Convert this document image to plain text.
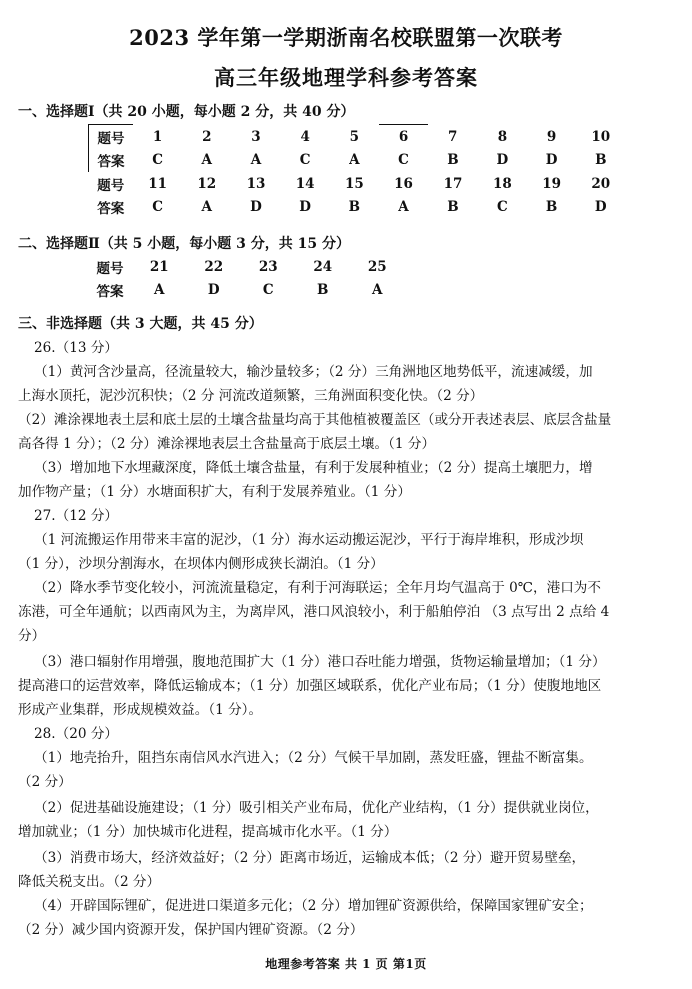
2023 学年第一学期浙南名校联盟第一次联考
高三年级地理学科参考答案
一、选择题Ⅰ（共 20 小题，每小题 2 分，共 40 分）
题号	1	2	3	4	5	6	7	8	9	10
答案	C	A	A	C	A	C	B	D	D	B
题号	11	12	13	14	15	16	17	18	19	20
答案	C	A	D	D	B	A	B	C	B	D
二、选择题Ⅱ（共 5 小题，每小题 3 分，共 15 分）
题号	21	22	23	24	25
答案	A	D	C	B	A
三、非选择题（共 3 大题，共 45 分）
26.（13 分）
（1）黄河含沙量高，径流量较大，输沙量较多；（2 分）三角洲地区地势低平，流速减缓，加
上海水顶托，泥沙沉积快；（2 分 河流改道频繁，三角洲面积变化快。（2 分）
（2）滩涂裸地表土层和底土层的土壤含盐量均高于其他植被覆盖区（或分开表述表层、底层含盐量
高各得 1 分）；（2 分）滩涂裸地表层土含盐量高于底层土壤。（1 分）
（3）增加地下水埋藏深度，降低土壤含盐量，有利于发展种植业；（2 分）提高土壤肥力，增
加作物产量；（1 分）水塘面积扩大，有利于发展养殖业。（1 分）
27.（12 分）
（1 河流搬运作用带来丰富的泥沙，（1 分）海水运动搬运泥沙，平行于海岸堆积，形成沙坝
（1 分），沙坝分割海水，在坝体内侧形成狭长湖泊。（1 分）
（2）降水季节变化较小，河流流量稳定，有利于河海联运；全年月均气温高于 0℃，港口为不
冻港，可全年通航；以西南风为主，为离岸风，港口风浪较小，利于船舶停泊 （3 点写出 2 点给 4
分）
（3）港口辐射作用增强，腹地范围扩大（1 分）港口吞吐能力增强，货物运输量增加；（1 分）
提高港口的运营效率，降低运输成本；（1 分）加强区域联系，优化产业布局；（1 分）使腹地地区
形成产业集群，形成规模效益。（1 分）。
28.（20 分）
（1）地壳抬升，阻挡东南信风水汽进入；（2 分）气候干旱加剧，蒸发旺盛，锂盐不断富集。
（2 分）
（2）促进基础设施建设；（1 分）吸引相关产业布局，优化产业结构，（1 分）提供就业岗位，
增加就业；（1 分）加快城市化进程，提高城市化水平。（1 分）
（3）消费市场大，经济效益好；（2 分）距离市场近，运输成本低；（2 分）避开贸易壁垒，
降低关税支出。（2 分）
（4）开辟国际锂矿，促进进口渠道多元化；（2 分）增加锂矿资源供给，保障国家锂矿安全；
（2 分）减少国内资源开发，保护国内锂矿资源。（2 分）
地理参考答案 共 1 页 第1页
